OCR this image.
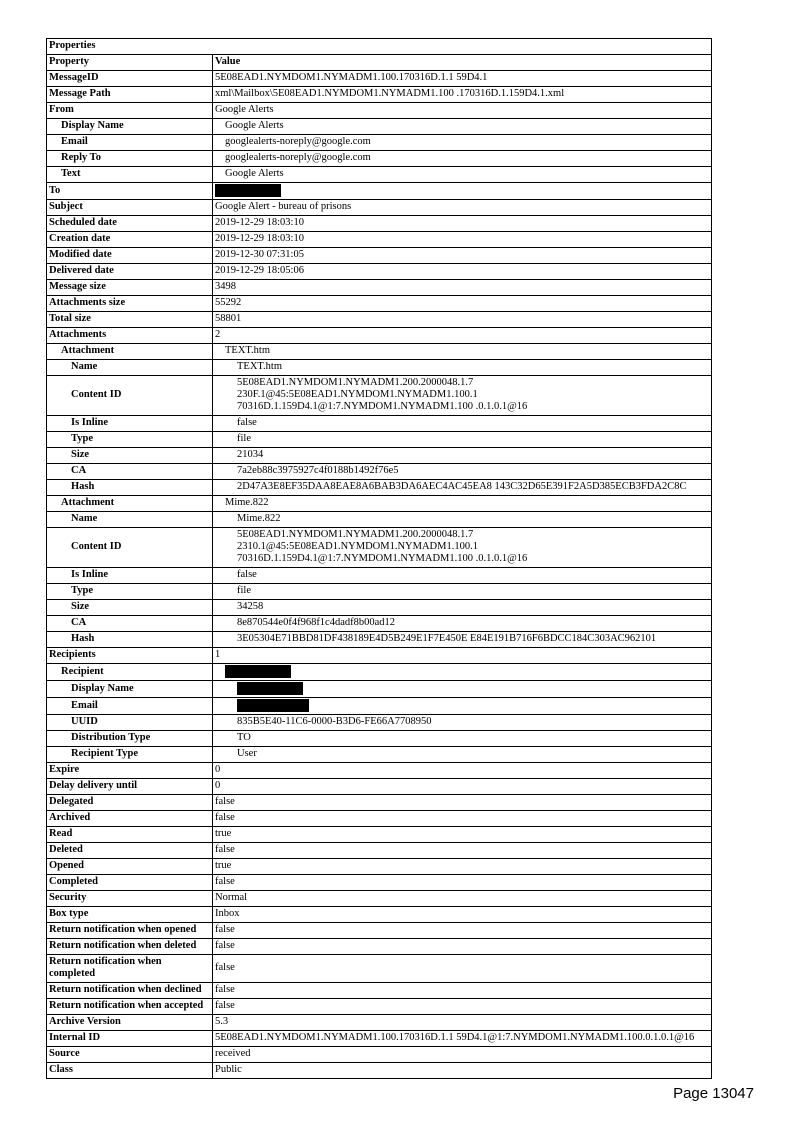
Properties	
Property	Value
MessageID	5E08EAD1.NYMDOM1.NYMADM1.100.170316D.1.1 59D4.1
Message Path	xml\Mailbox\5E08EAD1.NYMDOM1.NYMADM1.100 .170316D.1.159D4.1.xml
From	Google Alerts
Display Name	Google Alerts
Email	googlealerts-noreply@google.com
Reply To	googlealerts-noreply@google.com
Text	Google Alerts
To	
Subject	Google Alert - bureau of prisons
Scheduled date	2019-12-29 18:03:10
Creation date	2019-12-29 18:03:10
Modified date	2019-12-30 07:31:05
Delivered date	2019-12-29 18:05:06
Message size	3498
Attachments size	55292
Total size	58801
Attachments	2
Attachment	TEXT.htm
Name	TEXT.htm
Content ID	5E08EAD1.NYMDOM1.NYMADM1.200.2000048.1.7
230F.1@45:5E08EAD1.NYMDOM1.NYMADM1.100.1
70316D.1.159D4.1@1:7.NYMDOM1.NYMADM1.100 .0.1.0.1@16
Is Inline	false
Type	file
Size	21034
CA	7a2eb88c3975927c4f0188b1492f76e5
Hash	2D47A3E8EF35DAA8EAE8A6BAB3DA6AEC4AC45EA8 143C32D65E391F2A5D385ECB3FDA2C8C
Attachment	Mime.822
Name	Mime.822
Content ID	5E08EAD1.NYMDOM1.NYMADM1.200.2000048.1.7
2310.1@45:5E08EAD1.NYMDOM1.NYMADM1.100.1
70316D.1.159D4.1@1:7.NYMDOM1.NYMADM1.100 .0.1.0.1@16
Is Inline	false
Type	file
Size	34258
CA	8e870544e0f4f968f1c4dadf8b00ad12
Hash	3E05304E71BBD81DF438189E4D5B249E1F7E450E E84E191B716F6BDCC184C303AC962101
Recipients	1
Recipient	
Display Name	
Email	
UUID	835B5E40-11C6-0000-B3D6-FE66A7708950
Distribution Type	TO
Recipient Type	User
Expire	0
Delay delivery until	0
Delegated	false
Archived	false
Read	true
Deleted	false
Opened	true
Completed	false
Security	Normal
Box type	Inbox
Return notification when opened	false
Return notification when deleted	false
Return notification when completed	false
Return notification when declined	false
Return notification when accepted	false
Archive Version	5.3
Internal ID	5E08EAD1.NYMDOM1.NYMADM1.100.170316D.1.1 59D4.1@1:7.NYMDOM1.NYMADM1.100.0.1.0.1@16
Source	received
Class	Public
Page 13047
